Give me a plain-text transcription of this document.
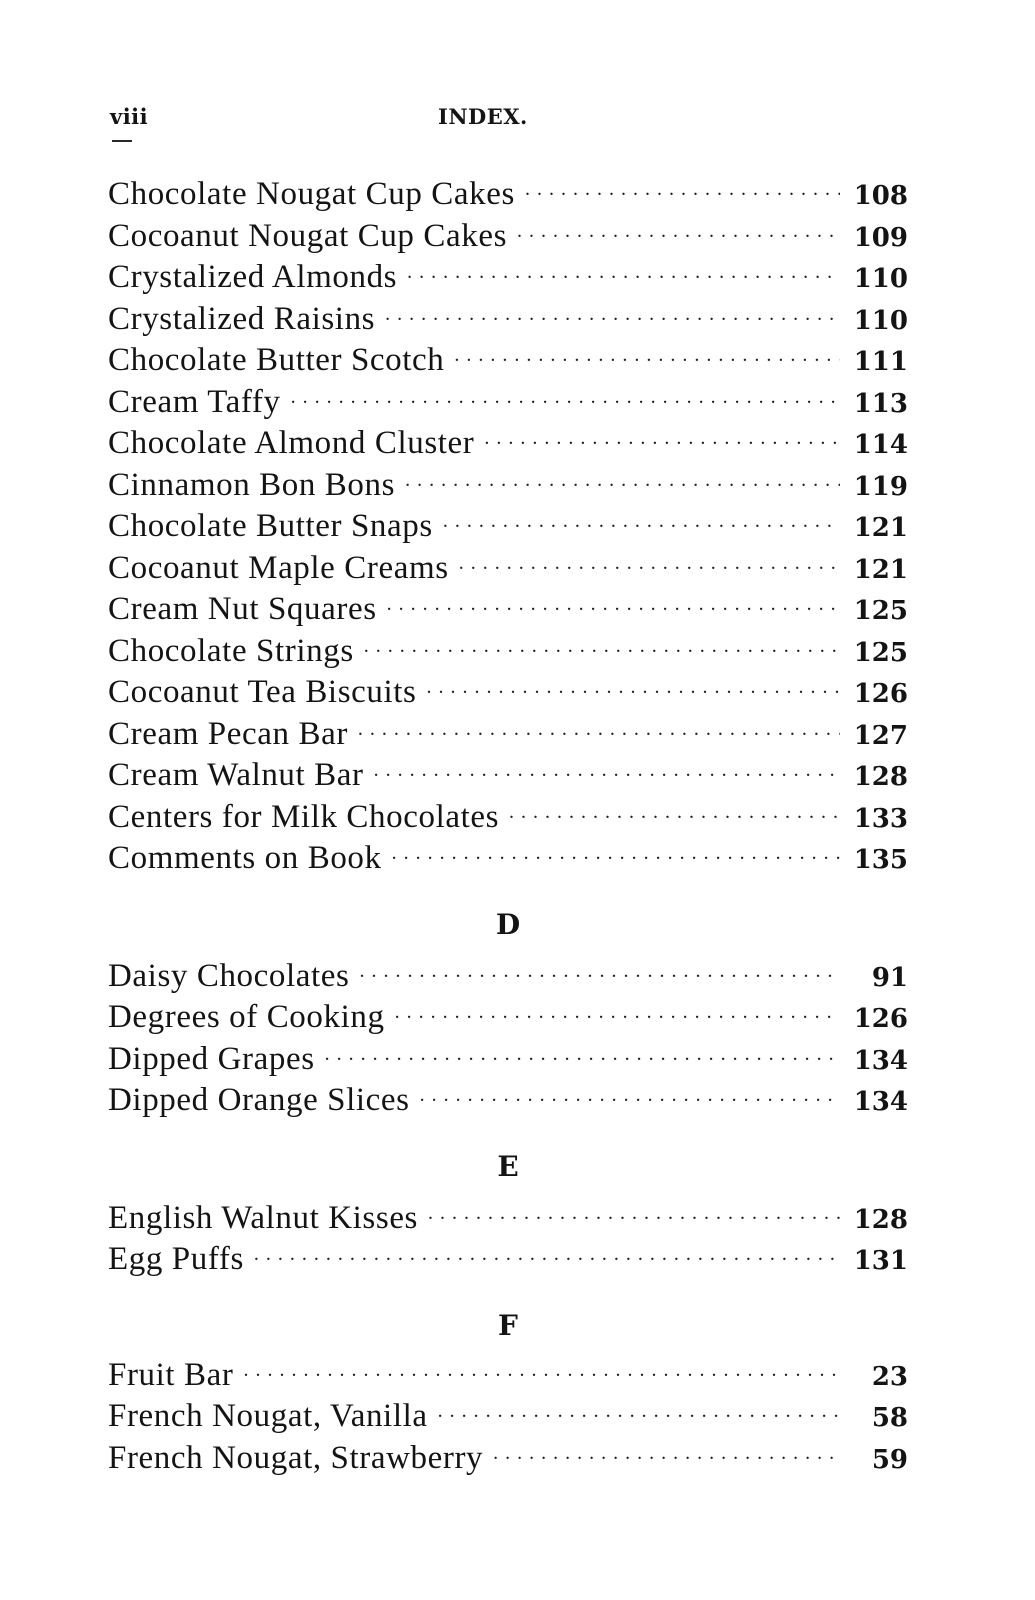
viii	INDEX.
Chocolate Nougat Cup Cakes . . .	108
Cocoanut Nougat Cup Cakes . . .	109
Crystalized Almonds . . .	110
Crystalized Raisins . . .	110
Chocolate Butter Scotch . . .	111
Cream Taffy . . .	113
Chocolate Almond Cluster . . .	114
Cinnamon Bon Bons . . .	119
Chocolate Butter Snaps . . .	121
Cocoanut Maple Creams . . .	121
Cream Nut Squares . . .	125
Chocolate Strings . . .	125
Cocoanut Tea Biscuits . . .	126
Cream Pecan Bar . . .	127
Cream Walnut Bar . . .	128
Centers for Milk Chocolates . . .	133
Comments on Book . . .	135
D
Daisy Chocolates . . .	91
Degrees of Cooking . . .	126
Dipped Grapes . . .	134
Dipped Orange Slices . . .	134
E
English Walnut Kisses . . .	128
Egg Puffs . . .	131
F
Fruit Bar . . .	23
French Nougat, Vanilla . . .	58
French Nougat, Strawberry . . .	59
